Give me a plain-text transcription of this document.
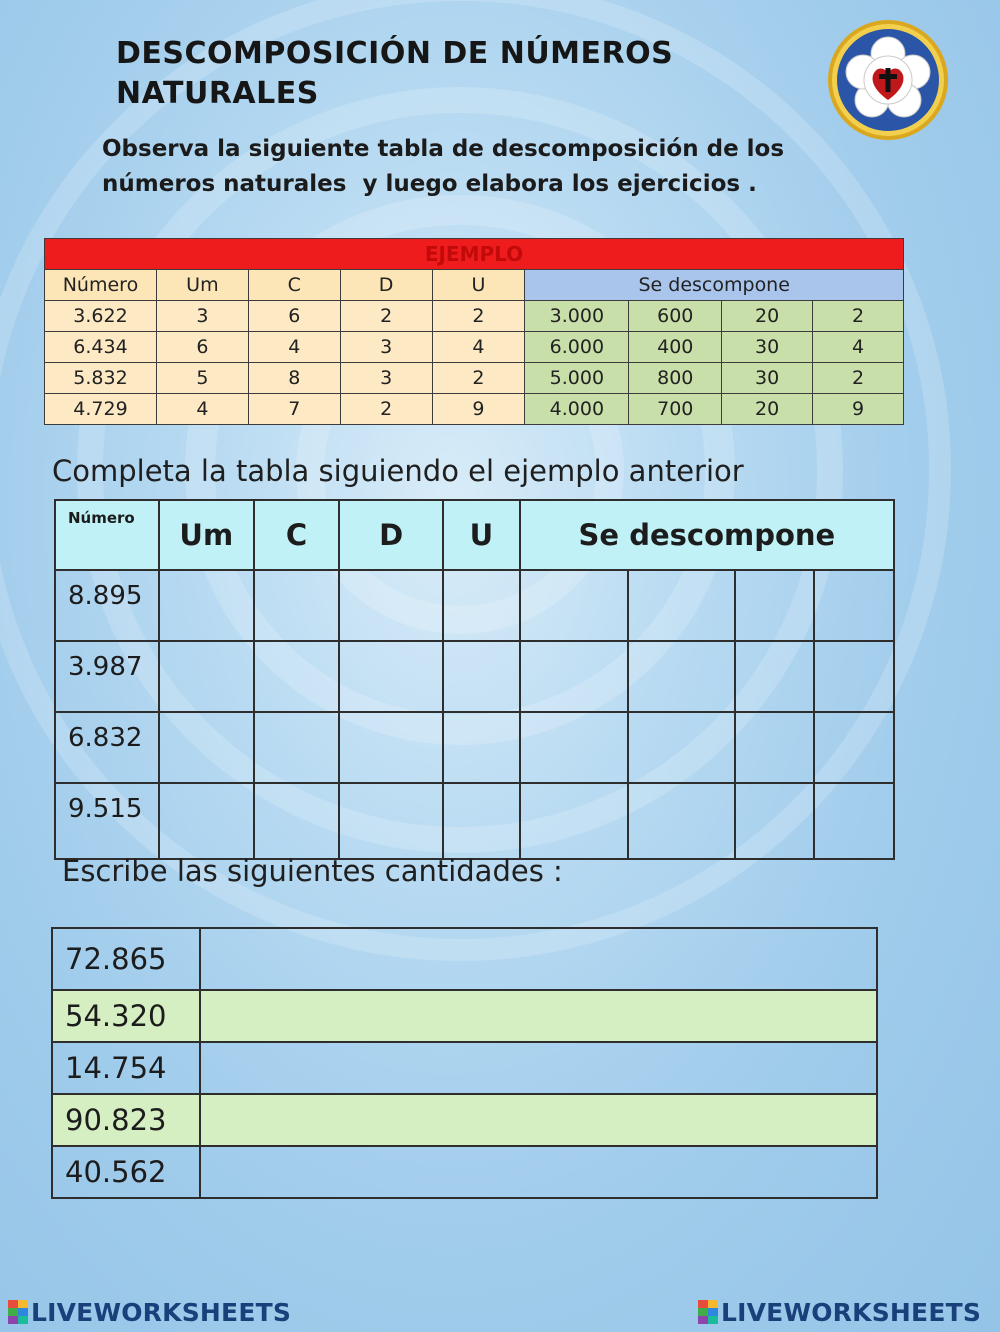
DESCOMPOSICIÓN DE NÚMEROS NATURALES
Observa la siguiente tabla de descomposición de los
números naturales  y luego elabora los ejercicios .
EJEMPLO								
Número	Um	C	D	U	Se descompone			
3.622	3	6	2	2	3.000	600	20	2
6.434	6	4	3	4	6.000	400	30	4
5.832	5	8	3	2	5.000	800	30	2
4.729	4	7	2	9	4.000	700	20	9
Completa la tabla siguiendo el ejemplo anterior
Número	Um	C	D	U	Se descompone			
8.895								
3.987								
6.832								
9.515								
Escribe las siguientes cantidades :
72.865	
54.320	
14.754	
90.823	
40.562	
LIVEWORKSHEETS	LIVEWORKSHEETS
